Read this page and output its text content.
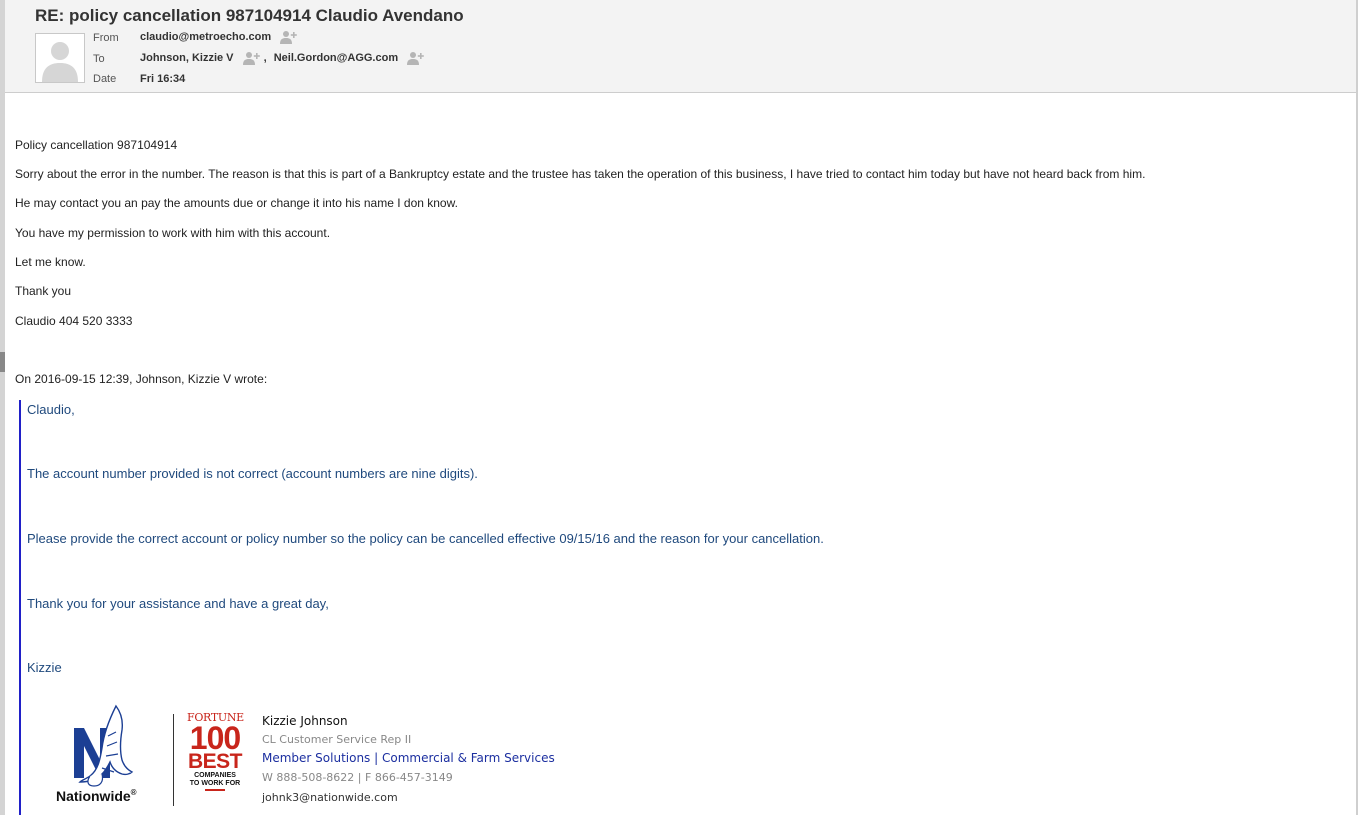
RE: policy cancellation 987104914 Claudio Avendano
From claudio@metroecho.com
To	Johnson, Kizzie V	, Neil.Gordon@AGG.com
Date Fri 16:34
Policy cancellation 987104914
Sorry about the error in the number. The reason is that this is part of a Bankruptcy estate and the trustee has taken the operation of this business, I have tried to contact him today but have not heard back from him.
He may contact you an pay the amounts due or change it into his name I don know.
You have my permission to work with him with this account.
Let me know.
Thank you
Claudio 404 520 3333
On 2016-09-15 12:39, Johnson, Kizzie V wrote:
Claudio,
The account number provided is not correct (account numbers are nine digits).
Please provide the correct account or policy number so the policy can be cancelled effective 09/15/16 and the reason for your cancellation.
Thank you for your assistance and have a great day,
Kizzie
Nationwide®
FORTUNE
100
BEST
COMPANIES
TO WORK FOR
Kizzie Johnson
CL Customer Service Rep II
Member Solutions | Commercial & Farm Services
W 888-508-8622 | F 866-457-3149
johnk3@nationwide.com
